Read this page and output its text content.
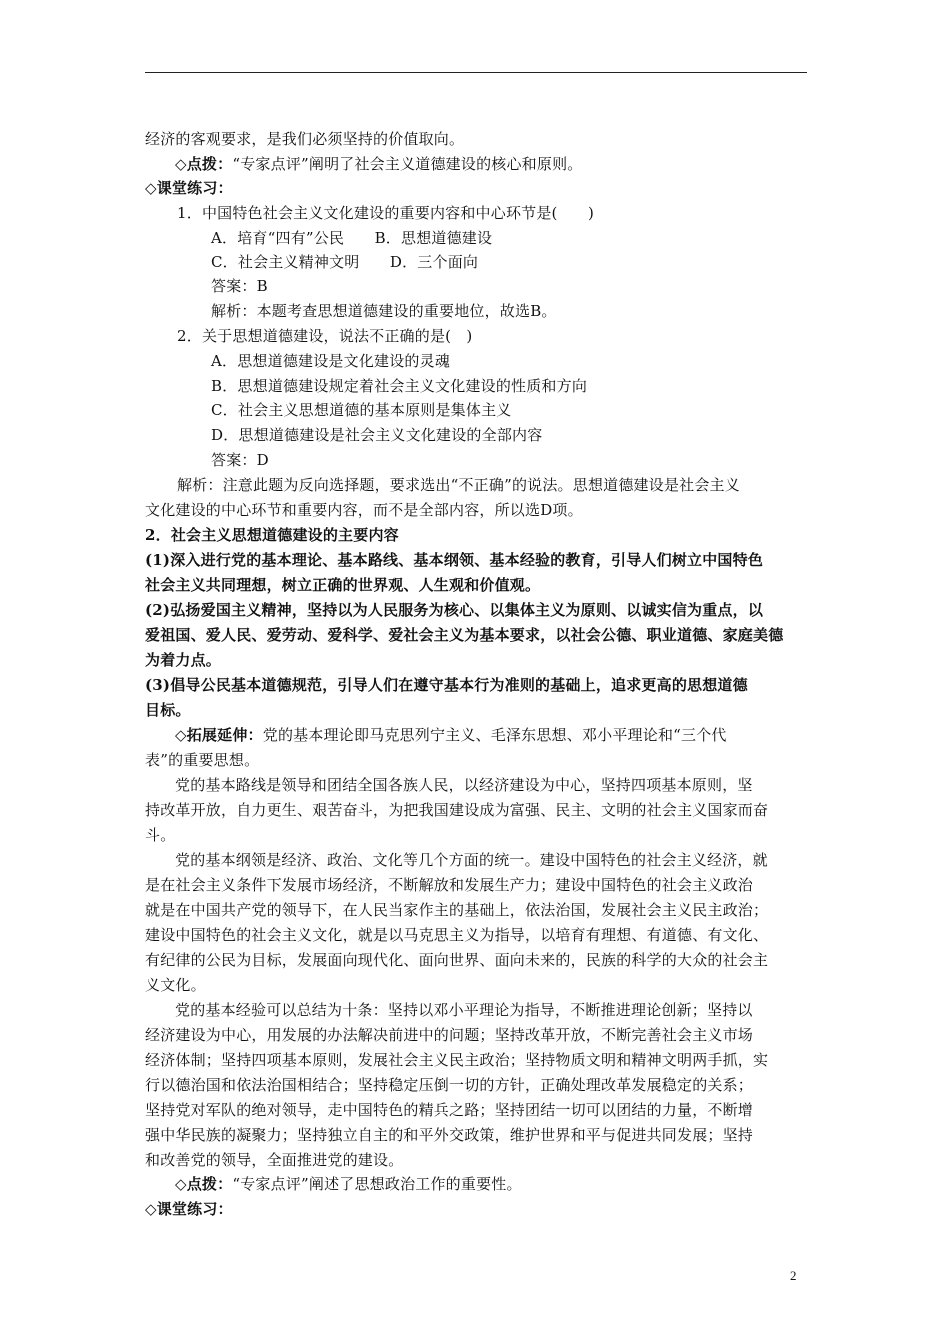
经济的客观要求，是我们必须坚持的价值取向。
◇点拨：“专家点评”阐明了社会主义道德建设的核心和原则。
◇课堂练习：
1．中国特色社会主义文化建设的重要内容和中心环节是(　　)
A．培育“四有”公民　　B．思想道德建设
C．社会主义精神文明　　D．三个面向
答案：B
解析：本题考查思想道德建设的重要地位，故选B。
2．关于思想道德建设，说法不正确的是(　)
A．思想道德建设是文化建设的灵魂
B．思想道德建设规定着社会主义文化建设的性质和方向
C．社会主义思想道德的基本原则是集体主义
D．思想道德建设是社会主义文化建设的全部内容
答案：D
解析：注意此题为反向选择题，要求选出“不正确”的说法。思想道德建设是社会主义
文化建设的中心环节和重要内容，而不是全部内容，所以选D项。
2．社会主义思想道德建设的主要内容
(1)深入进行党的基本理论、基本路线、基本纲领、基本经验的教育，引导人们树立中国特色
社会主义共同理想，树立正确的世界观、人生观和价值观。
(2)弘扬爱国主义精神，坚持以为人民服务为核心、以集体主义为原则、以诚实信为重点，以
爱祖国、爱人民、爱劳动、爱科学、爱社会主义为基本要求，以社会公德、职业道德、家庭美德
为着力点。
(3)倡导公民基本道德规范，引导人们在遵守基本行为准则的基础上，追求更高的思想道德
目标。
◇拓展延伸：党的基本理论即马克思列宁主义、毛泽东思想、邓小平理论和“三个代
表”的重要思想。
党的基本路线是领导和团结全国各族人民，以经济建设为中心，坚持四项基本原则，坚
持改革开放，自力更生、艰苦奋斗，为把我国建设成为富强、民主、文明的社会主义国家而奋
斗。
党的基本纲领是经济、政治、文化等几个方面的统一。建设中国特色的社会主义经济，就
是在社会主义条件下发展市场经济，不断解放和发展生产力；建设中国特色的社会主义政治
就是在中国共产党的领导下，在人民当家作主的基础上，依法治国，发展社会主义民主政治；
建设中国特色的社会主义文化，就是以马克思主义为指导，以培育有理想、有道德、有文化、
有纪律的公民为目标，发展面向现代化、面向世界、面向未来的，民族的科学的大众的社会主
义文化。
党的基本经验可以总结为十条：坚持以邓小平理论为指导，不断推进理论创新；坚持以
经济建设为中心，用发展的办法解决前进中的问题；坚持改革开放，不断完善社会主义市场
经济体制；坚持四项基本原则，发展社会主义民主政治；坚持物质文明和精神文明两手抓，实
行以德治国和依法治国相结合；坚持稳定压倒一切的方针，正确处理改革发展稳定的关系；
坚持党对军队的绝对领导，走中国特色的精兵之路；坚持团结一切可以团结的力量，不断增
强中华民族的凝聚力；坚持独立自主的和平外交政策，维护世界和平与促进共同发展；坚持
和改善党的领导，全面推进党的建设。
◇点拨：“专家点评”阐述了思想政治工作的重要性。
◇课堂练习：
2
